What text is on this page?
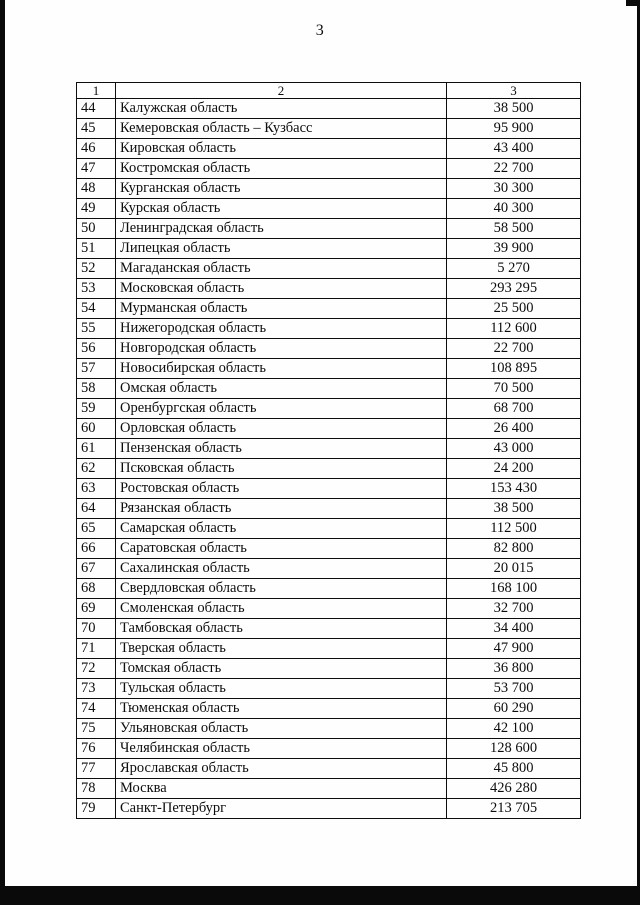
3
1	2	3
44	Калужская область	38 500
45	Кемеровская область – Кузбасс	95 900
46	Кировская область	43 400
47	Костромская область	22 700
48	Курганская область	30 300
49	Курская область	40 300
50	Ленинградская область	58 500
51	Липецкая область	39 900
52	Магаданская область	5 270
53	Московская область	293 295
54	Мурманская область	25 500
55	Нижегородская область	112 600
56	Новгородская область	22 700
57	Новосибирская область	108 895
58	Омская область	70 500
59	Оренбургская область	68 700
60	Орловская область	26 400
61	Пензенская область	43 000
62	Псковская область	24 200
63	Ростовская область	153 430
64	Рязанская область	38 500
65	Самарская область	112 500
66	Саратовская область	82 800
67	Сахалинская область	20 015
68	Свердловская область	168 100
69	Смоленская область	32 700
70	Тамбовская область	34 400
71	Тверская область	47 900
72	Томская область	36 800
73	Тульская область	53 700
74	Тюменская область	60 290
75	Ульяновская область	42 100
76	Челябинская область	128 600
77	Ярославская область	45 800
78	Москва	426 280
79	Санкт-Петербург	213 705
